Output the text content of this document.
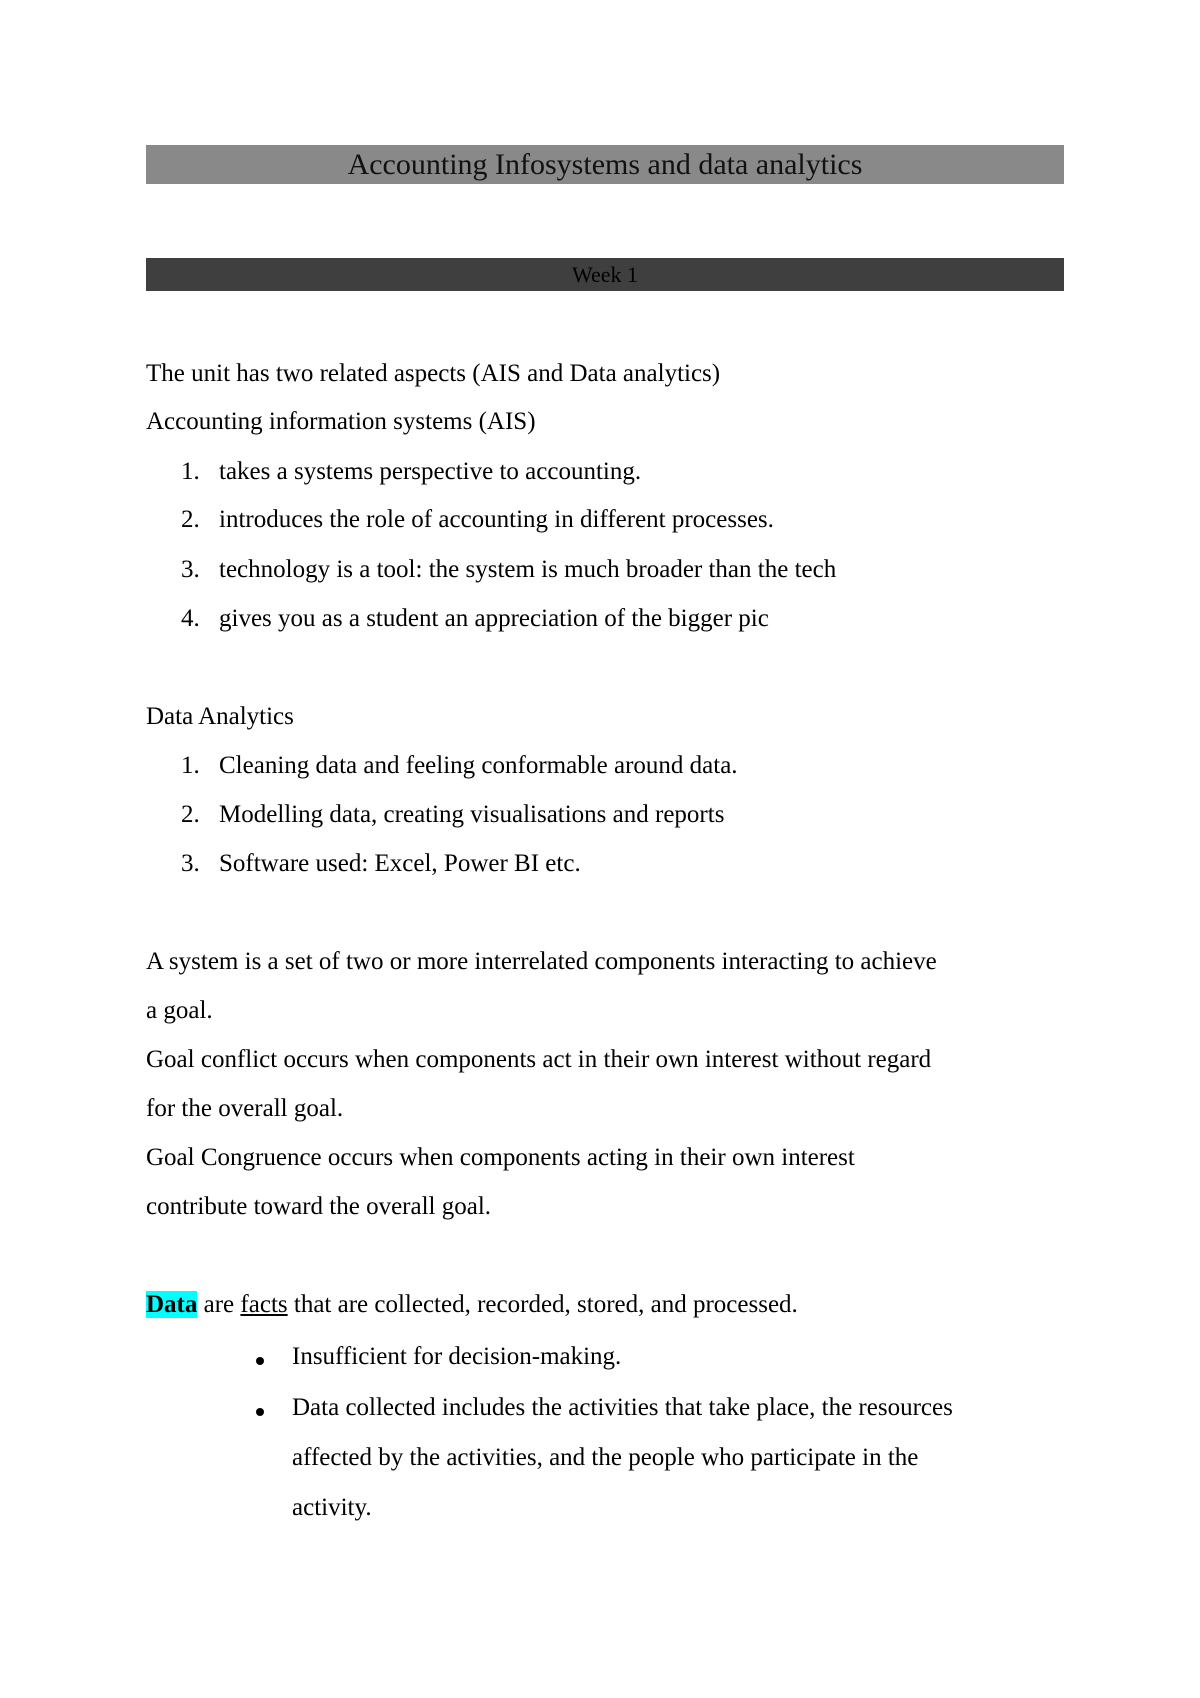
Accounting Infosystems and data analytics
Week 1
The unit has two related aspects (AIS and Data analytics)
Accounting information systems (AIS)
1. takes a systems perspective to accounting.
2. introduces the role of accounting in different processes.
3. technology is a tool: the system is much broader than the tech
4. gives you as a student an appreciation of the bigger pic
Data Analytics
1. Cleaning data and feeling conformable around data.
2. Modelling data, creating visualisations and reports
3. Software used: Excel, Power BI etc.
A system is a set of two or more interrelated components interacting to achieve
a goal.
Goal conflict occurs when components act in their own interest without regard
for the overall goal.
Goal Congruence occurs when components acting in their own interest
contribute toward the overall goal.
Data are facts that are collected, recorded, stored, and processed.
Insufficient for decision-making.
Data collected includes the activities that take place, the resources
affected by the activities, and the people who participate in the
activity.
